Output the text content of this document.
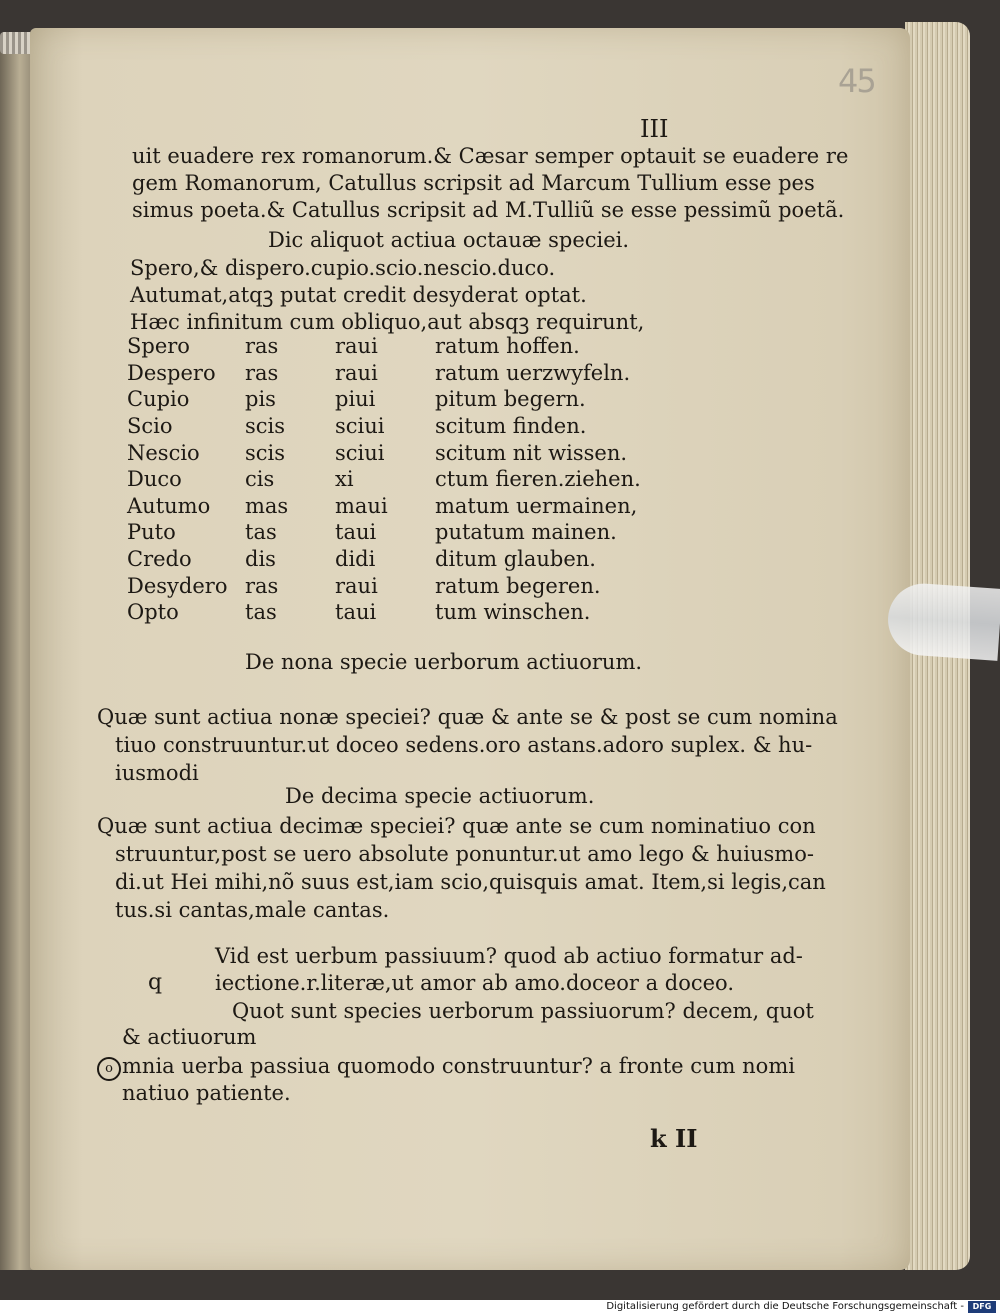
45
III
uit euadere rex romanorum.& Cæsar semper optauit se euadere re
gem Romanorum, Catullus scripsit ad Marcum Tullium esse pes
simus poeta.& Catullus scripsit ad M.Tulliũ se esse pessimũ poetã.
Dic aliquot actiua octauæ speciei.
Spero,& dispero.cupio.scio.nescio.duco.
Autumat,atqꝫ putat credit desyderat optat.
Hæc infinitum cum obliquo,aut absqꝫ requirunt,
Spero	ras	raui	ratum hoffen.
Despero	ras	raui	ratum uerzwyfeln.
Cupio	pis	piui	pitum begern.
Scio	scis	sciui	scitum finden.
Nescio	scis	sciui	scitum nit wissen.
Duco	cis	xi	ctum fieren.ziehen.
Autumo	mas	maui	matum uermainen,
Puto	tas	taui	putatum mainen.
Credo	dis	didi	ditum glauben.
Desydero	ras	raui	ratum begeren.
Opto	tas	taui	tum winschen.
De nona specie uerborum actiuorum.
Quæ sunt actiua nonæ speciei? quæ & ante se & post se cum nomina
tiuo construuntur.ut doceo sedens.oro astans.adoro suplex. & hu-
iusmodi
De decima specie actiuorum.
Quæ sunt actiua decimæ speciei? quæ ante se cum nominatiuo con
struuntur,post se uero absolute ponuntur.ut amo lego & huiusmo-
di.ut Hei mihi,nõ suus est,iam scio,quisquis amat. Item,si legis,can
tus.si cantas,male cantas.
Vid est uerbum passiuum? quod ab actiuo formatur ad-
q	iectione.r.literæ,ut amor ab amo.doceor a doceo.
Quot sunt species uerborum passiuorum? decem, quot
& actiuorum
o mnia uerba passiua quomodo construuntur? a fronte cum nomi
natiuo patiente.
k II
Digitalisierung gefördert durch die Deutsche Forschungsgemeinschaft -	DFG
